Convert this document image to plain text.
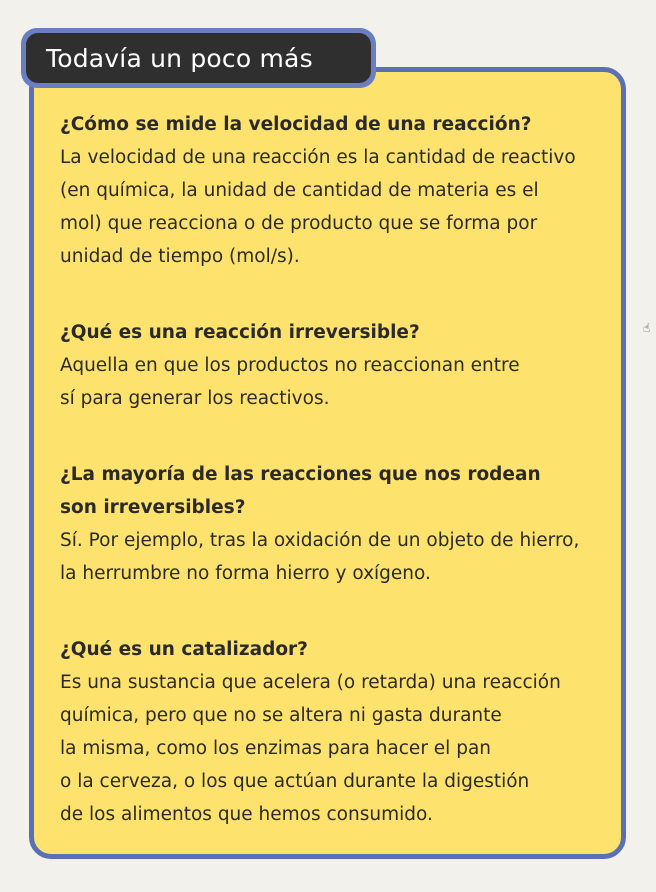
Todavía un poco más

¿Cómo se mide la velocidad de una reacción?

La velocidad de una reacción es la cantidad de reactivo
(en química, la unidad de cantidad de materia es el
mol) que reacciona o de producto que se forma por
unidad de tiempo (mol/s).

¿Qué es una reacción irreversible?

Aquella en que los productos no reaccionan entre
sí para generar los reactivos.

¿La mayoría de las reacciones que nos rodean
son irreversibles?

Sí. Por ejemplo, tras la oxidación de un objeto de hierro,
la herrumbre no forma hierro y oxígeno.

¿Qué es un catalizador?

Es una sustancia que acelera (o retarda) una reacción
química, pero que no se altera ni gasta durante
la misma, como los enzimas para hacer el pan
o la cerveza, o los que actúan durante la digestión
de los alimentos que hemos consumido.

☝
